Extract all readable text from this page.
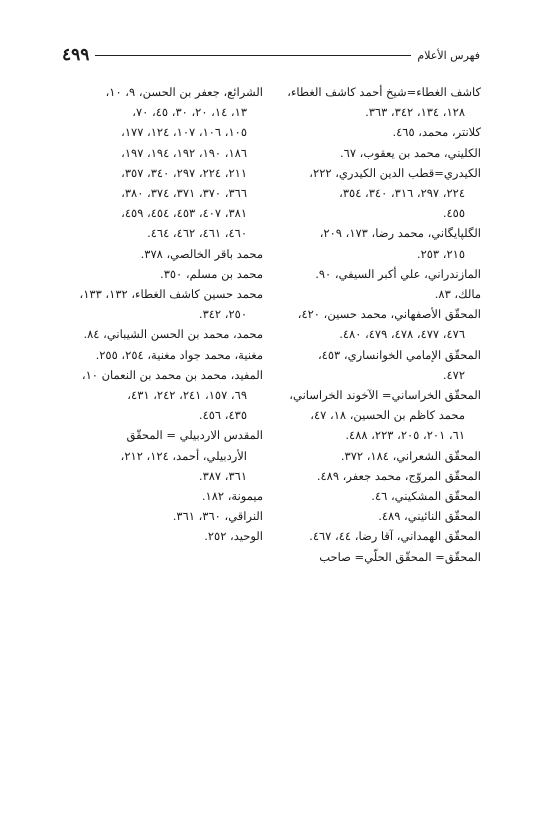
فهرس الأعلام
٤٩٩
كاشف الغطاء=شيخ أحمد كاشف الغطاء،
١٢٨، ١٣٤، ٣٤٢، ٣٦٣.
كلانتر، محمد، ٤٦٥.
الكليني، محمد بن يعقوب، ٦٧.
الكيدري=قطب الدين الكيدري، ٢٢٢،
٢٢٤، ٢٩٧، ٣١٦، ٣٤٠، ٣٥٤،
٤٥٥.
الگلپايگاني، محمد رضا، ١٧٣، ٢٠٩،
٢١٥، ٢٥٣.
المازندراني، علي أكبر السيفي، ٩٠.
مالك، ٨٣.
المحقّق الأصفهاني، محمد حسين، ٤٢٠،
٤٧٦، ٤٧٧، ٤٧٨، ٤٧٩، ٤٨٠.
المحقّق الإمامي الخوانساري، ٤٥٣،
٤٧٢.
المحقّق الخراساني= الآخوند الخراساني،
محمد كاظم بن الحسين، ١٨، ٤٧،
٦١، ٢٠١، ٢٠٥، ٢٢٣، ٤٨٨.
المحقّق الشعراني، ١٨٤، ٣٧٢.
المحقّق المروّج، محمد جعفر، ٤٨٩.
المحقّق المشكيني، ٤٦.
المحقّق النائيني، ٤٨٩.
المحقّق الهمداني، آقا رضا، ٤٤، ٤٦٧.
المحقّق= المحقّق الحلّي= صاحب
الشرائع، جعفر بن الحسن، ٩، ١٠،
١٣، ١٤، ٢٠، ٣٠، ٤٥، ٧٠،
١٠٥، ١٠٦، ١٠٧، ١٢٤، ١٧٧،
١٨٦، ١٩٠، ١٩٢، ١٩٤، ١٩٧،
٢١١، ٢٢٤، ٢٩٧، ٣٤٠، ٣٥٧،
٣٦٦، ٣٧٠، ٣٧١، ٣٧٤، ٣٨٠،
٣٨١، ٤٠٧، ٤٥٣، ٤٥٤، ٤٥٩،
٤٦٠، ٤٦١، ٤٦٢، ٤٦٤.
محمد باقر الخالصي، ٣٧٨.
محمد بن مسلم، ٣٥٠.
محمد حسين كاشف الغطاء، ١٣٢، ١٣٣،
٢٥٠، ٣٤٢.
محمد، محمد بن الحسن الشيباني، ٨٤.
مغنية، محمد جواد مغنية، ٢٥٤، ٢٥٥.
المفيد، محمد بن محمد بن النعمان ١٠،
٦٩، ١٥٧، ٢٤١، ٢٤٢، ٤٣١،
٤٣٥، ٤٥٦.
المقدس الاردبيلي = المحقّق
الأردبيلي، أحمد، ١٢٤، ٢١٢،
٣٦١، ٣٨٧.
ميمونة، ١٨٢.
النراقي، ٣٦٠، ٣٦١.
الوحيد، ٢٥٢.
